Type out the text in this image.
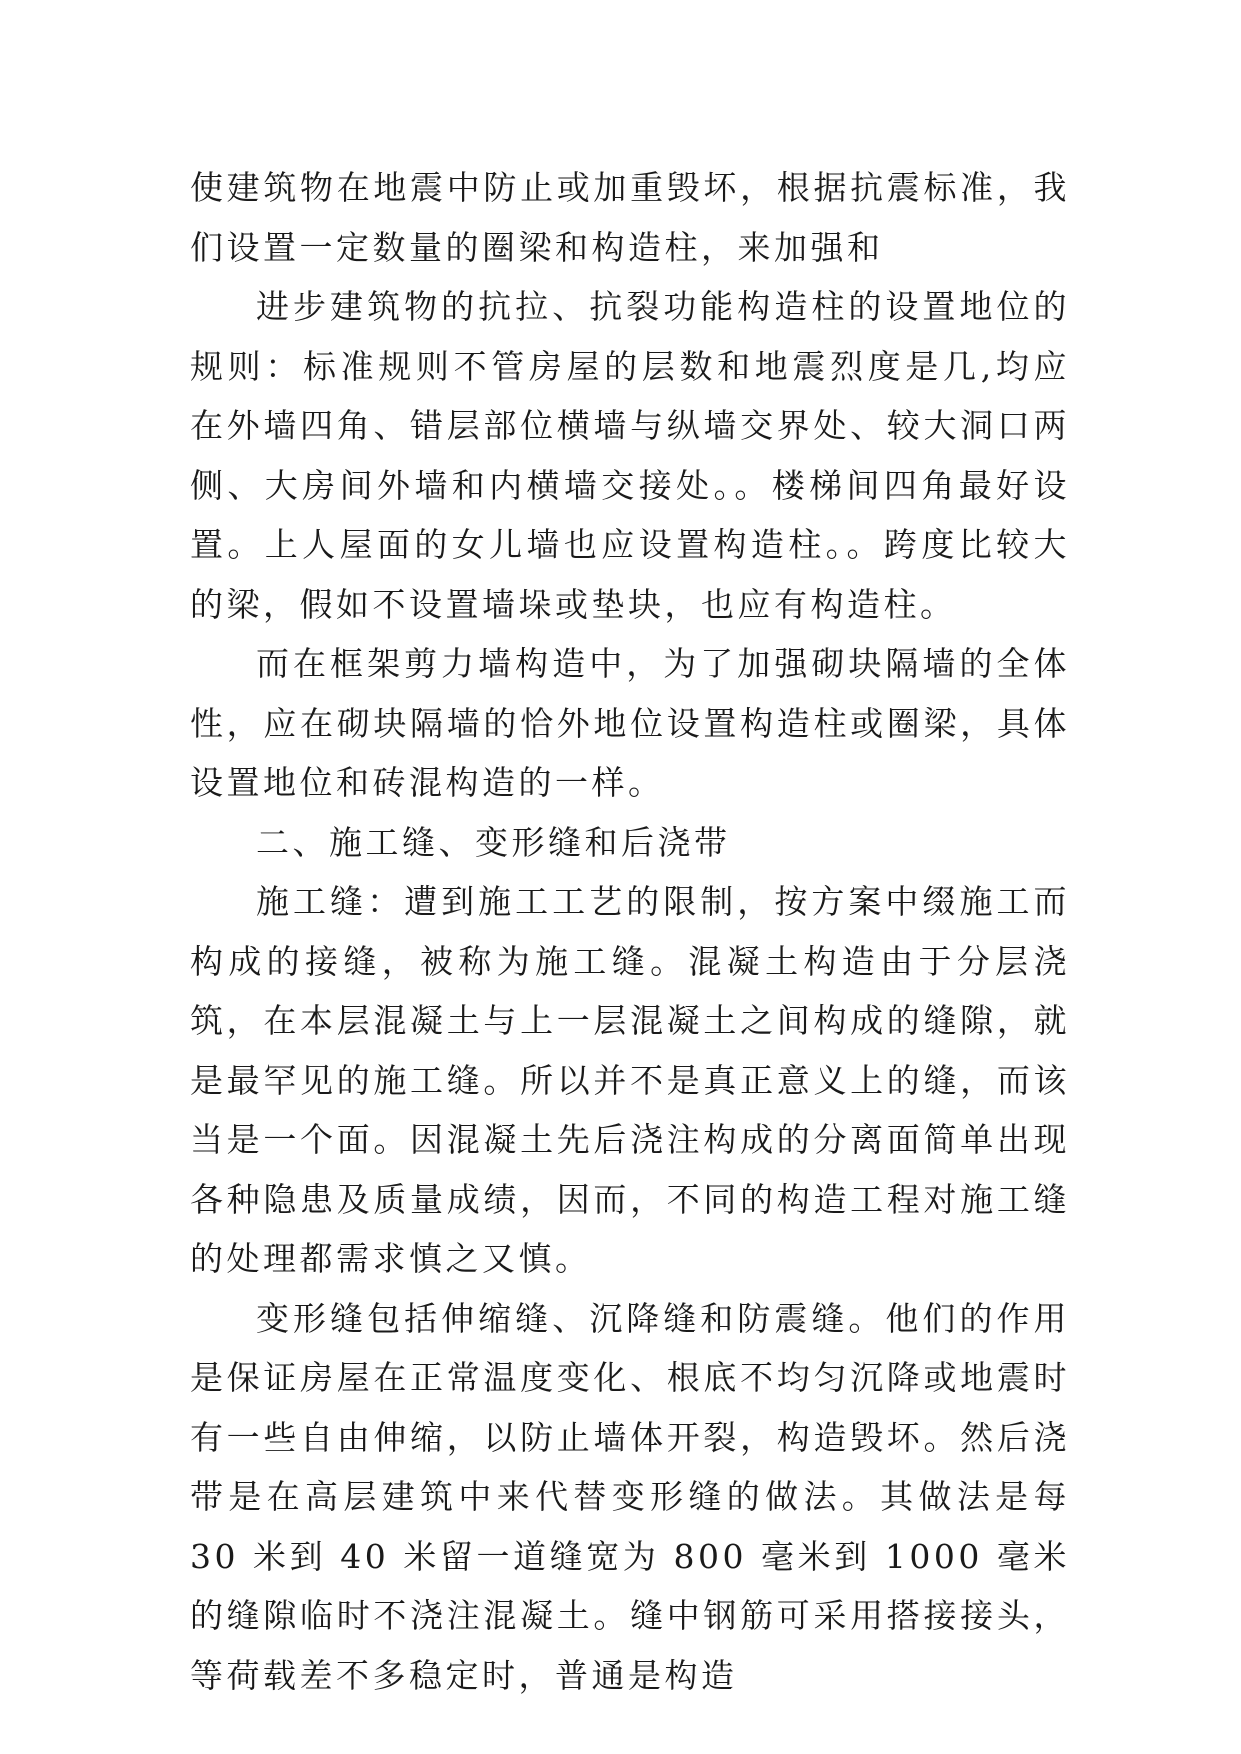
使建筑物在地震中防止或加重毁坏，根据抗震标准，我们设置一定数量的圈梁和构造柱，来加强和

进步建筑物的抗拉、抗裂功能构造柱的设置地位的规则：标准规则不管房屋的层数和地震烈度是几,均应在外墙四角、错层部位横墙与纵墙交界处、较大洞口两侧、大房间外墙和内横墙交接处。。楼梯间四角最好设置。上人屋面的女儿墙也应设置构造柱。。跨度比较大的梁，假如不设置墙垛或垫块，也应有构造柱。

而在框架剪力墙构造中，为了加强砌块隔墙的全体性，应在砌块隔墙的恰外地位设置构造柱或圈梁，具体设置地位和砖混构造的一样。

二、施工缝、变形缝和后浇带

施工缝：遭到施工工艺的限制，按方案中缀施工而构成的接缝，被称为施工缝。混凝土构造由于分层浇筑，在本层混凝土与上一层混凝土之间构成的缝隙，就是最罕见的施工缝。所以并不是真正意义上的缝，而该当是一个面。因混凝土先后浇注构成的分离面简单出现各种隐患及质量成绩，因而，不同的构造工程对施工缝的处理都需求慎之又慎。

变形缝包括伸缩缝、沉降缝和防震缝。他们的作用是保证房屋在正常温度变化、根底不均匀沉降或地震时有一些自由伸缩，以防止墙体开裂，构造毁坏。然后浇带是在高层建筑中来代替变形缝的做法。其做法是每 30 米到 40 米留一道缝宽为 800 毫米到 1000 毫米的缝隙临时不浇注混凝土。缝中钢筋可采用搭接接头，等荷载差不多稳定时，普通是构造
